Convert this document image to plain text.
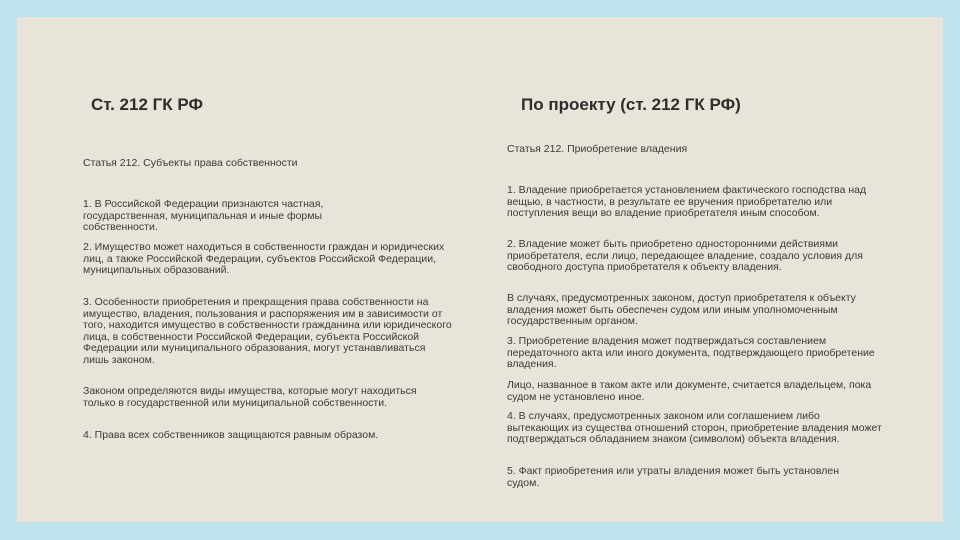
Ст. 212 ГК РФ
Статья 212. Субъекты права собственности

1. В Российской Федерации признаются частная, государственная, муниципальная и иные формы собственности.

2. Имущество может находиться в собственности граждан и юридических лиц, а также Российской Федерации, субъектов Российской Федерации, муниципальных образований.

3. Особенности приобретения и прекращения права собственности на имущество, владения, пользования и распоряжения им в зависимости от того, находится имущество в собственности гражданина или юридического лица, в собственности Российской Федерации, субъекта Российской Федерации или муниципального образования, могут устанавливаться лишь законом.

Законом определяются виды имущества, которые могут находиться только в государственной или муниципальной собственности.

4. Права всех собственников защищаются равным образом.

По проекту (ст. 212 ГК РФ)
Статья 212. Приобретение владения

1. Владение приобретается установлением фактического господства над вещью, в частности, в результате ее вручения приобретателю или поступления вещи во владение приобретателя иным способом.

2. Владение может быть приобретено односторонними действиями приобретателя, если лицо, передающее владение, создало условия для свободного доступа приобретателя к объекту владения.

В случаях, предусмотренных законом, доступ приобретателя к объекту владения может быть обеспечен судом или иным уполномоченным государственным органом.

3. Приобретение владения может подтверждаться составлением передаточного акта или иного документа, подтверждающего приобретение владения.

Лицо, названное в таком акте или документе, считается владельцем, пока судом не установлено иное.

4. В случаях, предусмотренных законом или соглашением либо вытекающих из существа отношений сторон, приобретение владения может подтверждаться обладанием знаком (символом) объекта владения.

5. Факт приобретения или утраты владения может быть установлен судом.
